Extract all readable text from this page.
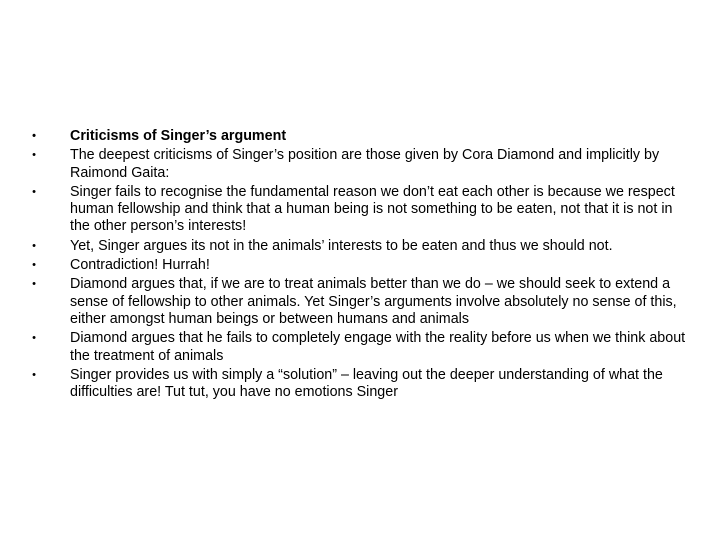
• Criticisms of Singer’s argument
• The deepest criticisms of Singer’s position are those given by Cora Diamond and implicitly by Raimond Gaita:
• Singer fails to recognise the fundamental reason we don’t eat each other is because we respect human fellowship and think that a human being is not something to be eaten, not that it is not in the other person’s interests!
• Yet, Singer argues its not in the animals’ interests to be eaten and thus we should not.
• Contradiction! Hurrah!
• Diamond argues that, if we are to treat animals better than we do – we should seek to extend a sense of fellowship to other animals. Yet Singer’s arguments involve absolutely no sense of this, either amongst human beings or between humans and animals
• Diamond argues that he fails to completely engage with the reality before us when we think about the treatment of animals
• Singer provides us with simply a “solution” – leaving out the deeper understanding of what the difficulties are! Tut tut, you have no emotions Singer
